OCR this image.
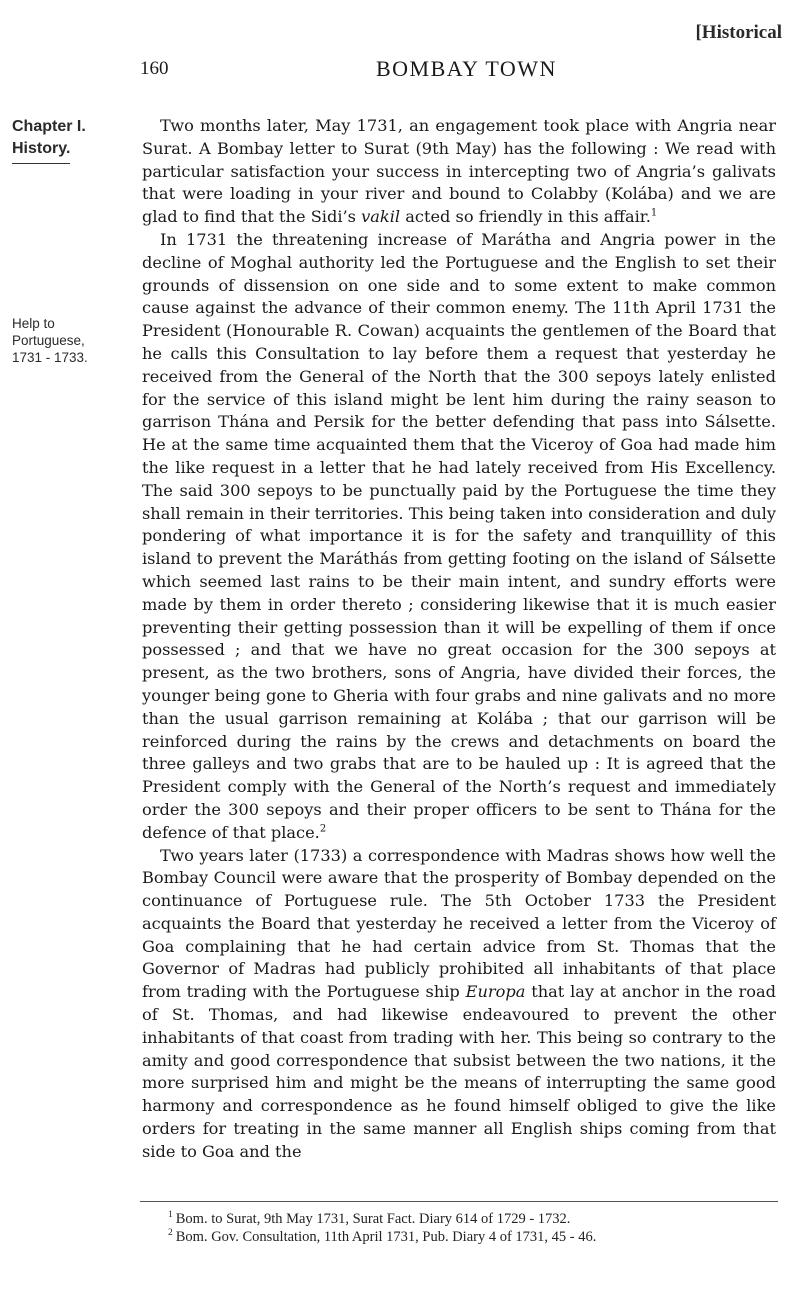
[Historical
160	BOMBAY TOWN
Chapter I.
History.
Help to
Portuguese,
1731 - 1733.

Two months later, May 1731, an engagement took place with Angria near Surat. A Bombay letter to Surat (9th May) has the following : We read with particular satisfaction your success in intercepting two of Angria’s galivats that were loading in your river and bound to Colabby (Kolába) and we are glad to find that the Sidi’s vakil acted so friendly in this affair.$^1$

In 1731 the threatening increase of Marátha and Angria power in the decline of Moghal authority led the Portuguese and the English to set their grounds of dissension on one side and to some extent to make common cause against the advance of their common enemy. The 11th April 1731 the President (Honourable R. Cowan) acquaints the gentlemen of the Board that he calls this Consultation to lay before them a request that yesterday he received from the General of the North that the 300 sepoys lately enlisted for the service of this island might be lent him during the rainy season to garrison Thána and Persik for the better defending that pass into Sálsette. He at the same time acquainted them that the Viceroy of Goa had made him the like request in a letter that he had lately received from His Excellency. The said 300 sepoys to be punctually paid by the Portuguese the time they shall remain in their territories. This being taken into consideration and duly pondering of what importance it is for the safety and tranquillity of this island to prevent the Maráthás from getting footing on the island of Sálsette which seemed last rains to be their main intent, and sundry efforts were made by them in order thereto ; considering likewise that it is much easier preventing their getting possession than it will be expelling of them if once possessed ; and that we have no great occasion for the 300 sepoys at present, as the two brothers, sons of Angria, have divided their forces, the younger being gone to Gheria with four grabs and nine galivats and no more than the usual garrison remaining at Kolába ; that our garrison will be reinforced during the rains by the crews and detachments on board the three galleys and two grabs that are to be hauled up : It is agreed that the President comply with the General of the North’s request and immediately order the 300 sepoys and their proper officers to be sent to Thána for the defence of that place.$^2$

Two years later (1733) a correspondence with Madras shows how well the Bombay Council were aware that the prosperity of Bombay depended on the continuance of Portuguese rule. The 5th October 1733 the President acquaints the Board that yesterday he received a letter from the Viceroy of Goa complaining that he had certain advice from St. Thomas that the Governor of Madras had publicly prohibited all inhabitants of that place from trading with the Portuguese ship Europa that lay at anchor in the road of St. Thomas, and had likewise endeavoured to prevent the other inhabitants of that coast from trading with her. This being so contrary to the amity and good correspondence that subsist between the two nations, it the more surprised him and might be the means of interrupting the same good harmony and correspondence as he found himself obliged to give the like orders for treating in the same manner all English ships coming from that side to Goa and the

$^1$ Bom. to Surat, 9th May 1731, Surat Fact. Diary 614 of 1729 - 1732.
$^2$ Bom. Gov. Consultation, 11th April 1731, Pub. Diary 4 of 1731, 45 - 46.
